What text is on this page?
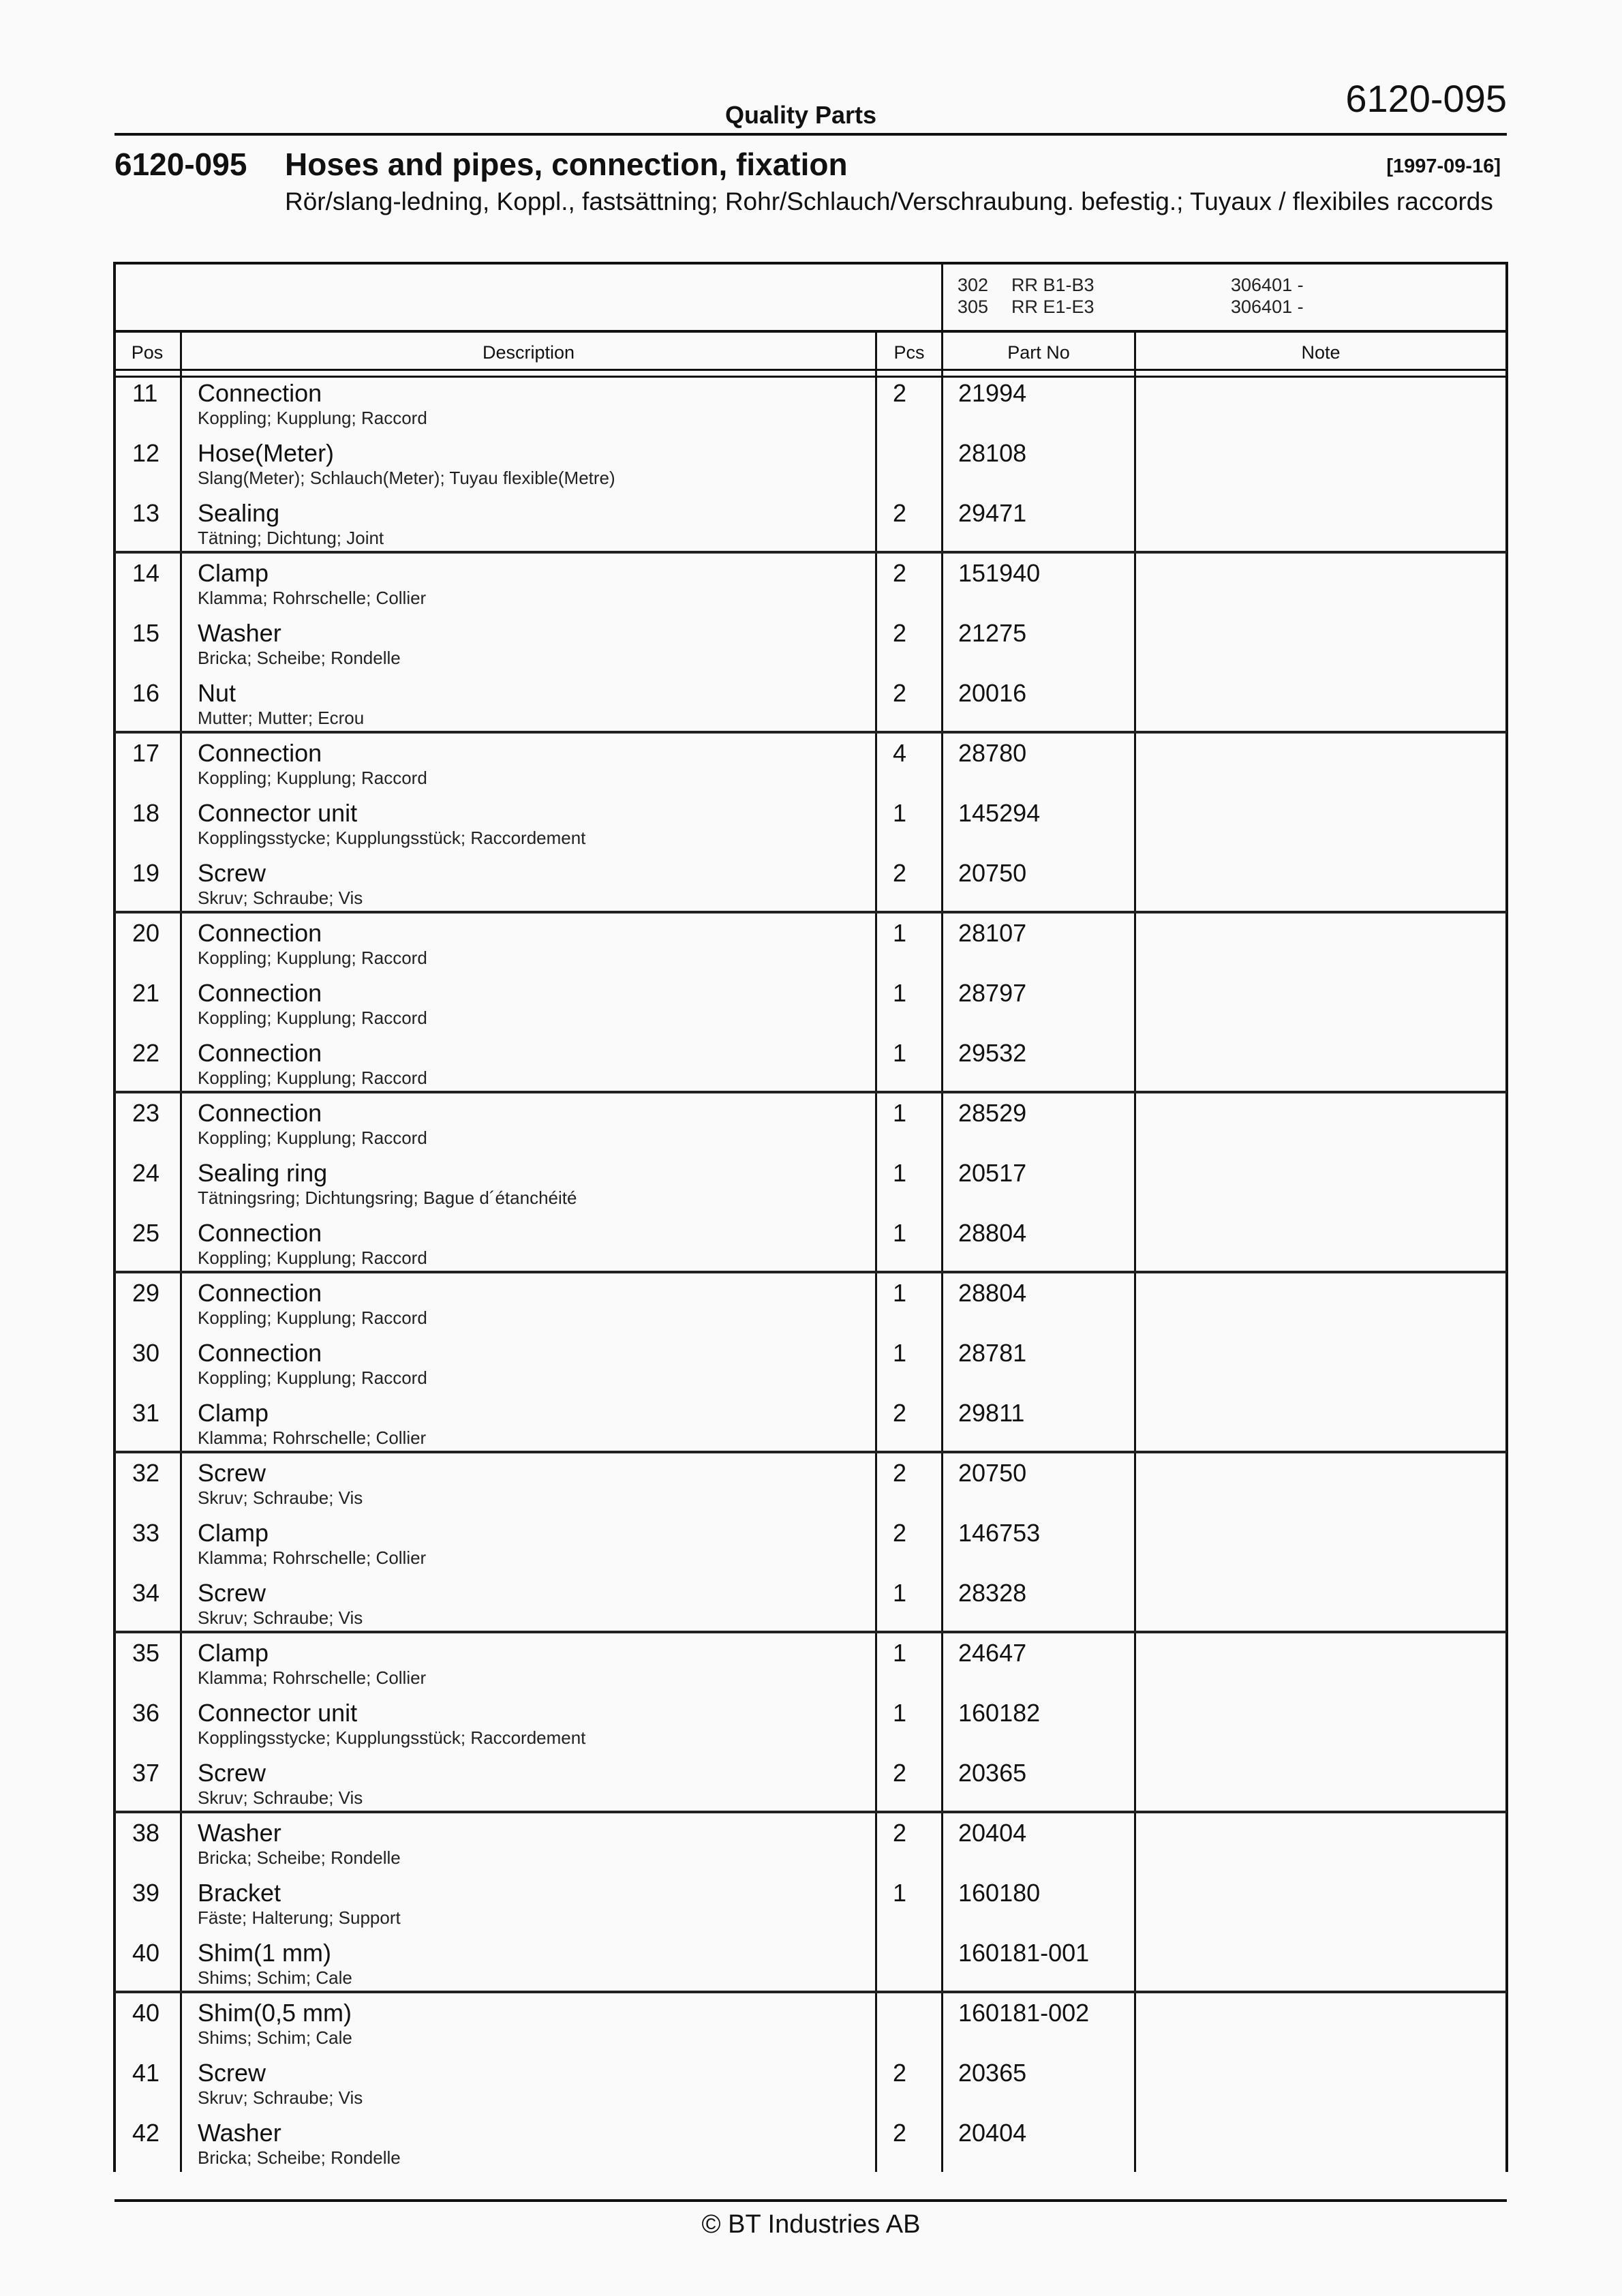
Quality Parts	6120-095
6120-095 Hoses and pipes, connection, fixation	[1997-09-16]
Rör/slang-ledning, Koppl., fastsättning; Rohr/Schlauch/Verschraubung. befestig.; Tuyaux / flexibiles raccords
302 RR B1-B3	306401 -
305 RR E1-E3	306401 -
Pos	Description	Pcs	Part No	Note
11 Connection
Koppling; Kupplung; Raccord
2 21994
12 Hose(Meter)
Slang(Meter); Schlauch(Meter); Tuyau flexible(Metre)
28108
13 Sealing
Tätning; Dichtung; Joint
2 29471
14 Clamp
Klamma; Rohrschelle; Collier
2 151940
15 Washer
Bricka; Scheibe; Rondelle
2 21275
16 Nut
Mutter; Mutter; Ecrou
2 20016
17 Connection
Koppling; Kupplung; Raccord
4 28780
18 Connector unit
Kopplingsstycke; Kupplungsstück; Raccordement
1 145294
19 Screw
Skruv; Schraube; Vis
2 20750
20 Connection
Koppling; Kupplung; Raccord
1 28107
21 Connection
Koppling; Kupplung; Raccord
1 28797
22 Connection
Koppling; Kupplung; Raccord
1 29532
23 Connection
Koppling; Kupplung; Raccord
1 28529
24 Sealing ring
Tätningsring; Dichtungsring; Bague d´étanchéité
1 20517
25 Connection
Koppling; Kupplung; Raccord
1 28804
29 Connection
Koppling; Kupplung; Raccord
1 28804
30 Connection
Koppling; Kupplung; Raccord
1 28781
31 Clamp
Klamma; Rohrschelle; Collier
2 29811
32 Screw
Skruv; Schraube; Vis
2 20750
33 Clamp
Klamma; Rohrschelle; Collier
2 146753
34 Screw
Skruv; Schraube; Vis
1 28328
35 Clamp
Klamma; Rohrschelle; Collier
1 24647
36 Connector unit
Kopplingsstycke; Kupplungsstück; Raccordement
1 160182
37 Screw
Skruv; Schraube; Vis
2 20365
38 Washer
Bricka; Scheibe; Rondelle
2 20404
39 Bracket
Fäste; Halterung; Support
1 160180
40 Shim(1 mm)
Shims; Schim; Cale
160181-001
40 Shim(0,5 mm)
Shims; Schim; Cale
160181-002
41 Screw
Skruv; Schraube; Vis
2 20365
42 Washer
Bricka; Scheibe; Rondelle
2 20404
© BT Industries AB
